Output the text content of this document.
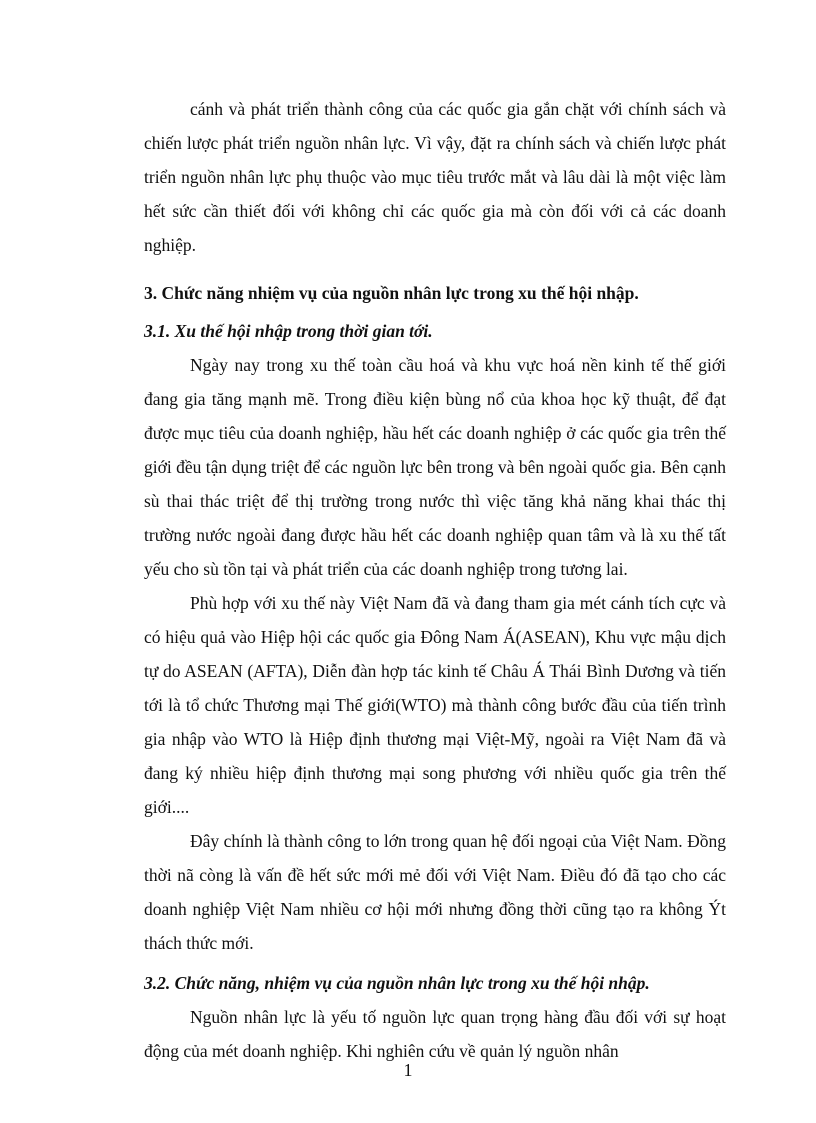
cánh và phát triển thành công của các quốc gia gắn chặt với chính sách và chiến lược phát triển nguồn nhân lực. Vì vậy, đặt ra chính sách và chiến lược phát triển nguồn nhân lực phụ thuộc vào mục tiêu trước mắt và lâu dài là một việc làm hết sức cần thiết đối với không chỉ các quốc gia mà còn đối với cả các doanh nghiệp.

3. Chức năng nhiệm vụ của nguồn nhân lực trong xu thế hội nhập.
3.1. Xu thế hội nhập trong thời gian tới.

Ngày nay trong xu thế toàn cầu hoá và khu vực hoá nền kinh tế thế giới đang gia tăng mạnh mẽ. Trong điều kiện bùng nổ của khoa học kỹ thuật, để đạt được mục tiêu của doanh nghiệp, hầu hết các doanh nghiệp ở các quốc gia trên thế giới đều tận dụng triệt để các nguồn lực bên trong và bên ngoài quốc gia. Bên cạnh sù thai thác triệt để thị trường trong nước thì việc tăng khả năng khai thác thị trường nước ngoài đang được hầu hết các doanh nghiệp quan tâm và là xu thế tất yếu cho sù tồn tại và phát triển của các doanh nghiệp trong tương lai.

Phù hợp với xu thế này Việt Nam đã và đang tham gia mét cánh tích cực và có hiệu quả vào Hiệp hội các quốc gia Đông Nam Á(ASEAN), Khu vực mậu dịch tự do ASEAN (AFTA), Diễn đàn hợp tác kinh tế Châu Á Thái Bình Dương và tiến tới là tổ chức Thương mại Thế giới(WTO) mà thành công bước đầu của tiến trình gia nhập vào WTO là Hiệp định thương mại Việt-Mỹ, ngoài ra Việt Nam đã và đang ký nhiều hiệp định thương mại song phương với nhiều quốc gia trên thế giới....

Đây chính là thành công to lớn trong quan hệ đối ngoại của Việt Nam. Đồng thời nã còng là vấn đề hết sức mới mẻ đối với Việt Nam. Điều đó đã tạo cho các doanh nghiệp Việt Nam nhiều cơ hội mới nhưng đồng thời cũng tạo ra không Ýt thách thức mới.

3.2. Chức năng, nhiệm vụ của nguồn nhân lực trong xu thế hội nhập.

Nguồn nhân lực là yếu tố nguồn lực quan trọng hàng đầu đối với sự hoạt động của mét doanh nghiệp. Khi nghiên cứu về quản lý nguồn nhân

1
